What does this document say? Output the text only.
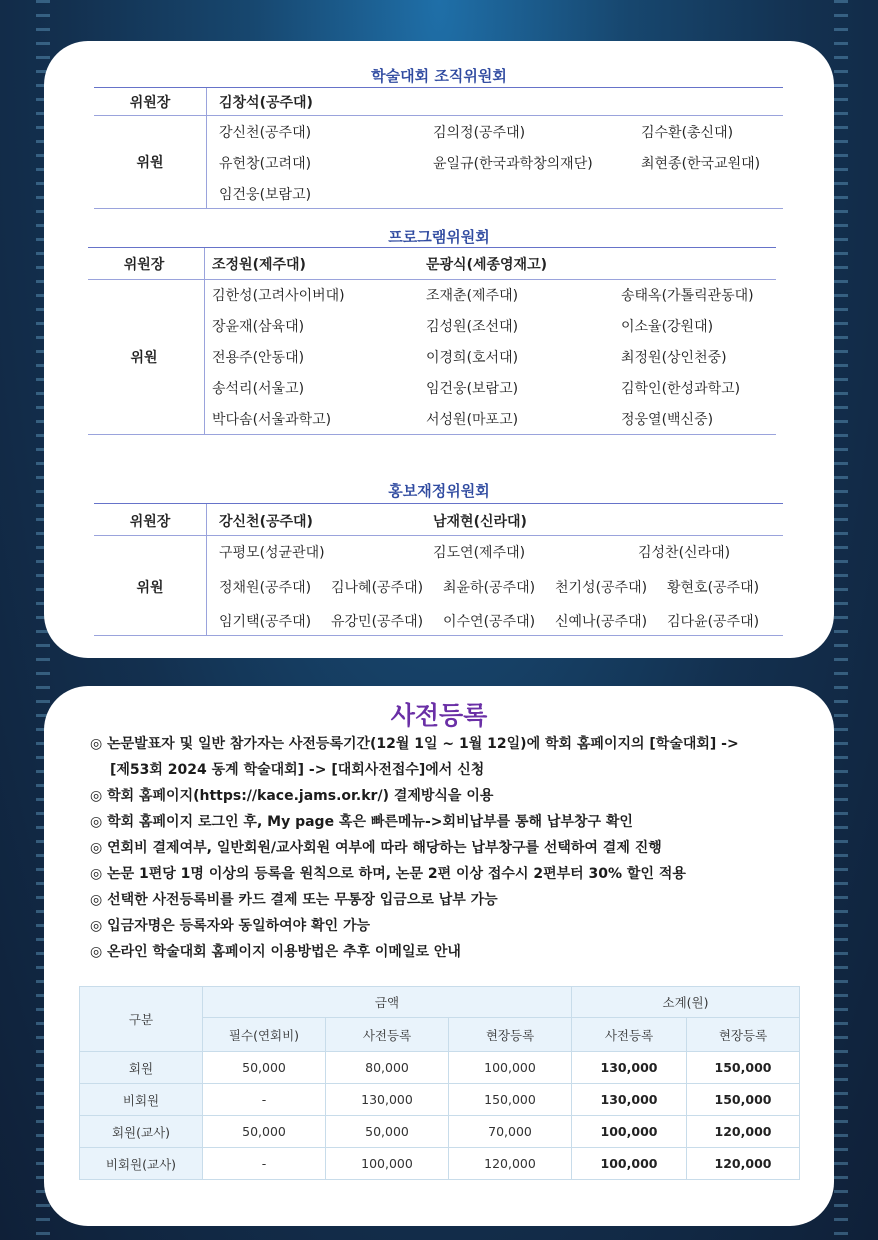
학술대회 조직위원회
위원장	김창석(공주대)
위원
강신천(공주대)	김의정(공주대)	김수환(총신대)
유헌창(고려대)	윤일규(한국과학창의재단)	최현종(한국교원대)
임건웅(보람고)
프로그램위원회
위원장	조정원(제주대)	문광식(세종영재고)
위원
김한성(고려사이버대)	조재춘(제주대)	송태옥(가톨릭관동대)
장윤재(삼육대)	김성원(조선대)	이소율(강원대)
전용주(안동대)	이경희(호서대)	최정원(상인천중)
송석리(서울고)	임건웅(보람고)	김학인(한성과학고)
박다솜(서울과학고)	서성원(마포고)	정웅열(백신중)
홍보재정위원회
위원장	강신천(공주대)	남재현(신라대)
위원
구평모(성균관대)	김도연(제주대)	김성찬(신라대)
정채원(공주대) 김나혜(공주대) 최윤하(공주대) 천기성(공주대) 황현호(공주대)
임기택(공주대) 유강민(공주대) 이수연(공주대) 신예나(공주대) 김다윤(공주대)
사전등록
◎ 논문발표자 및 일반 참가자는 사전등록기간(12월 1일 ~ 1월 12일)에 학회 홈페이지의 [학술대회] ->
[제53회 2024 동계 학술대회] -> [대회사전접수]에서 신청
◎ 학회 홈페이지(https://kace.jams.or.kr/) 결제방식을 이용
◎ 학회 홈페이지 로그인 후, My page 혹은 빠른메뉴->회비납부를 통해 납부창구 확인
◎ 연회비 결제여부, 일반회원/교사회원 여부에 따라 해당하는 납부창구를 선택하여 결제 진행
◎ 논문 1편당 1명 이상의 등록을 원칙으로 하며, 논문 2편 이상 접수시 2편부터 30% 할인 적용
◎ 선택한 사전등록비를 카드 결제 또는 무통장 입금으로 납부 가능
◎ 입금자명은 등록자와 동일하여야 확인 가능
◎ 온라인 학술대회 홈페이지 이용방법은 추후 이메일로 안내
구분	금액			소계(원)	
	필수(연회비)	사전등록	현장등록	사전등록	현장등록
회원	50,000	80,000	100,000	130,000	150,000
비회원	-	130,000	150,000	130,000	150,000
회원(교사)	50,000	50,000	70,000	100,000	120,000
비회원(교사)	-	100,000	120,000	100,000	120,000
